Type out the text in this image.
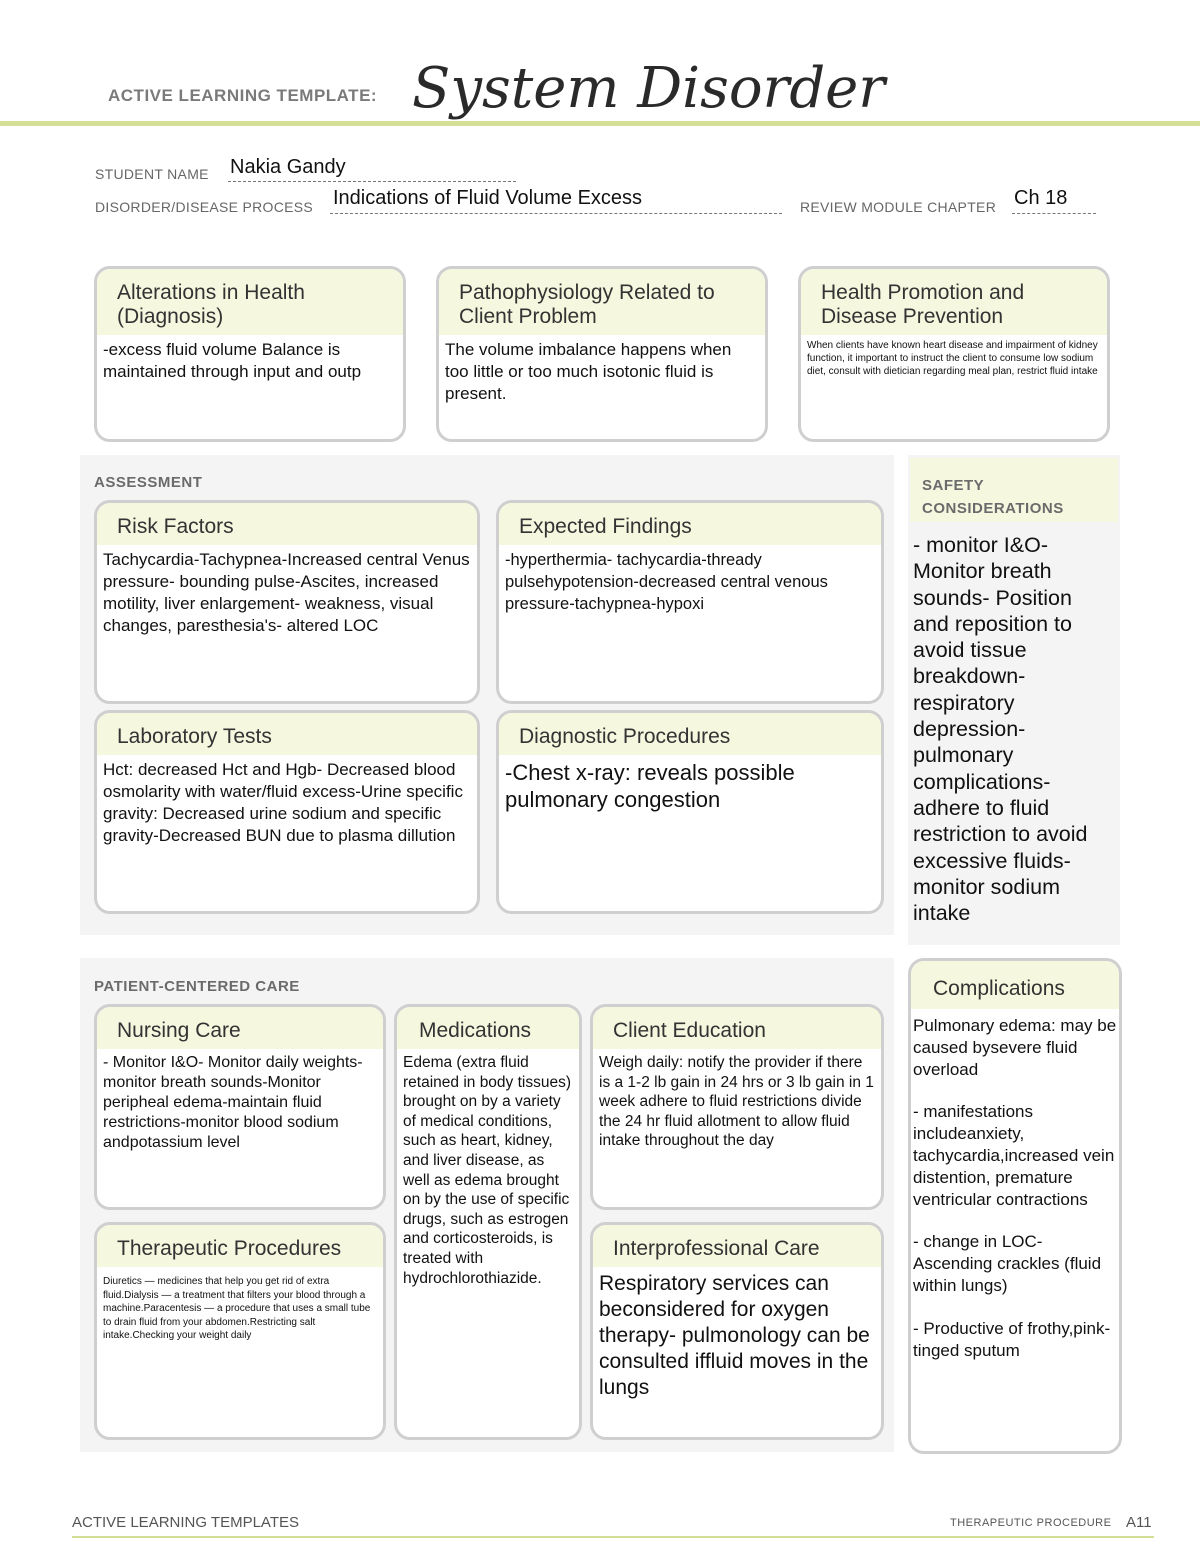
ACTIVE LEARNING TEMPLATE: System Disorder
STUDENT NAME Nakia Gandy
DISORDER/DISEASE PROCESS Indications of Fluid Volume Excess	REVIEW MODULE CHAPTER Ch 18
Alterations in Health (Diagnosis)
-excess fluid volume Balance is maintained through input and outp
Pathophysiology Related to Client Problem
The volume imbalance happens when too little or too much isotonic fluid is present.
Health Promotion and Disease Prevention
When clients have known heart disease and impairment of kidney function, it important to instruct the client to consume low sodium diet, consult with dietician regarding meal plan, restrict fluid intake
ASSESSMENT
Risk Factors
Tachycardia-Tachypnea-Increased central Venus pressure- bounding pulse-Ascites, increased motility, liver enlargement- weakness, visual changes, paresthesia's- altered LOC
Expected Findings
-hyperthermia- tachycardia-thready pulsehypotension-decreased central venous pressure-tachypnea-hypoxi
Laboratory Tests
Hct: decreased Hct and Hgb- Decreased blood osmolarity with water/fluid excess-Urine specific gravity: Decreased urine sodium and specific gravity-Decreased BUN due to plasma dillution
Diagnostic Procedures
-Chest x-ray: reveals possible pulmonary congestion
SAFETY CONSIDERATIONS
- monitor I&O-Monitor breath sounds- Position and reposition to avoid tissue breakdown-respiratory depression-pulmonary complications-adhere to fluid restriction to avoid excessive fluids-monitor sodium intake
PATIENT-CENTERED CARE
Nursing Care
- Monitor I&O- Monitor daily weights- monitor breath sounds-Monitor peripheal edema-maintain fluid restrictions-monitor blood sodium andpotassium level
Medications
Edema (extra fluid retained in body tissues) brought on by a variety of medical conditions, such as heart, kidney, and liver disease, as well as edema brought on by the use of specific drugs, such as estrogen and corticosteroids, is treated with hydrochlorothiazide.
Client Education
Weigh daily: notify the provider if there is a 1-2 lb gain in 24 hrs or 3 lb gain in 1 week adhere to fluid restrictions divide the 24 hr fluid allotment to allow fluid intake throughout the day
Therapeutic Procedures
Diuretics — medicines that help you get rid of extra fluid.Dialysis — a treatment that filters your blood through a machine.Paracentesis — a procedure that uses a small tube to drain fluid from your abdomen.Restricting salt intake.Checking your weight daily
Interprofessional Care
Respiratory services can beconsidered for oxygen therapy- pulmonology can be consulted iffluid moves in the lungs
Complications
Pulmonary edema: may be caused bysevere fluid overload
- manifestations includeanxiety, tachycardia,increased vein distention, premature ventricular contractions
- change in LOC-Ascending crackles (fluid within lungs)
- Productive of frothy,pink-tinged sputum
ACTIVE LEARNING TEMPLATES	THERAPEUTIC PROCEDURE A11
